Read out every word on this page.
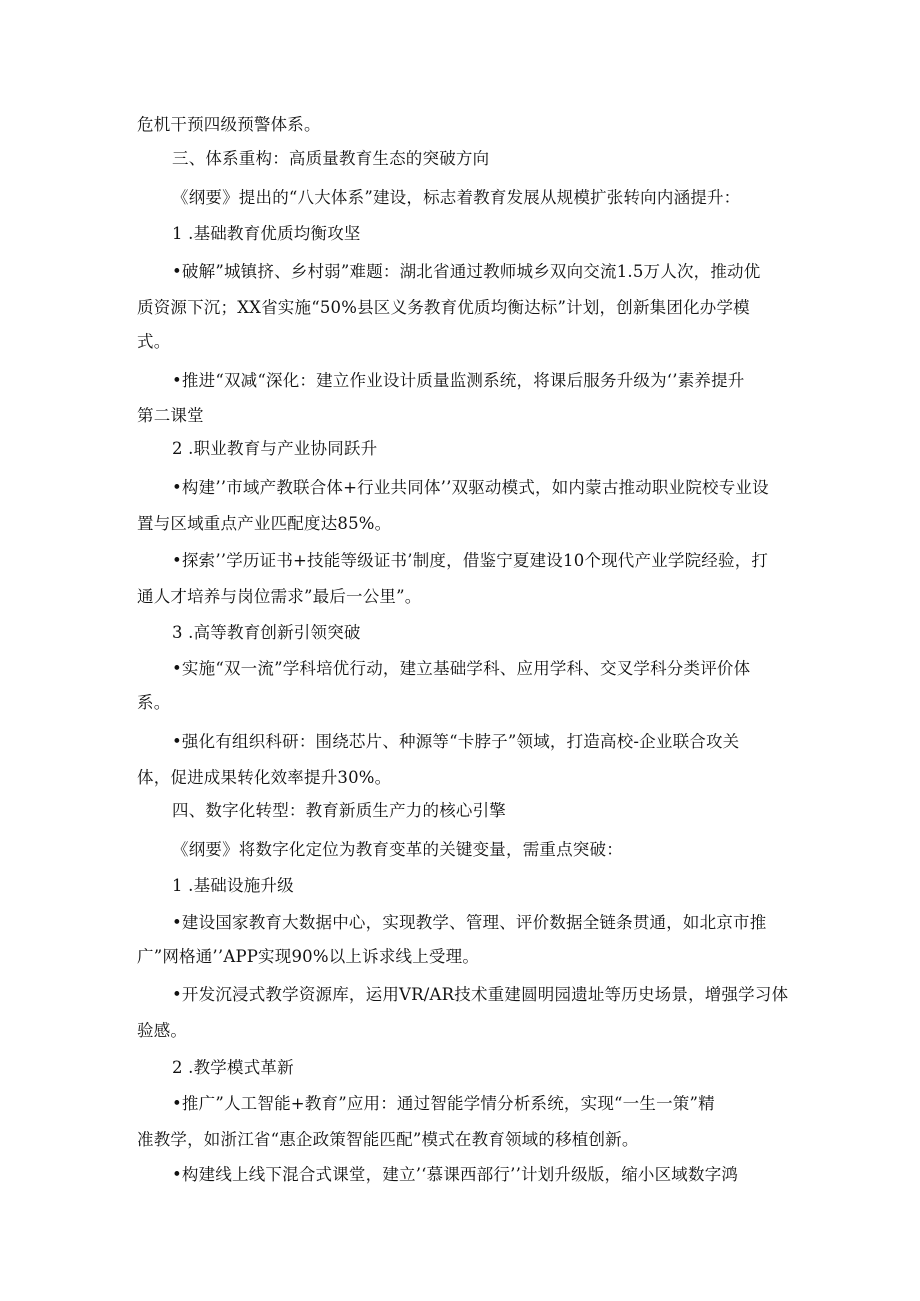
危机干预四级预警体系。
三、体系重构：高质量教育生态的突破方向
《纲要》提出的“八大体系”建设，标志着教育发展从规模扩张转向内涵提升：
1 .基础教育优质均衡攻坚
•破解”城镇挤、乡村弱”难题：湖北省通过教师城乡双向交流1.5万人次，推动优
质资源下沉；XX省实施“50%县区义务教育优质均衡达标”计划，创新集团化办学模
式。
•推进“双减“深化：建立作业设计质量监测系统，将课后服务升级为‘’素养提升
第二课堂
2 .职业教育与产业协同跃升
•构建’’市域产教联合体+行业共同体’’双驱动模式，如内蒙古推动职业院校专业设
置与区域重点产业匹配度达85%。
•探索’’学历证书+技能等级证书’制度，借鉴宁夏建设10个现代产业学院经验，打
通人才培养与岗位需求”最后一公里”。
3 .高等教育创新引领突破
•实施“双一流”学科培优行动，建立基础学科、应用学科、交叉学科分类评价体
系。
•强化有组织科研：围绕芯片、种源等“卡脖子”领域，打造高校-企业联合攻关
体，促进成果转化效率提升30%。
四、数字化转型：教育新质生产力的核心引擎
《纲要》将数字化定位为教育变革的关键变量，需重点突破：
1 .基础设施升级
•建设国家教育大数据中心，实现教学、管理、评价数据全链条贯通，如北京市推
广”网格通’’APP实现90%以上诉求线上受理。
•开发沉浸式教学资源库，运用VR/AR技术重建圆明园遗址等历史场景，增强学习体
验感。
2 .教学模式革新
•推广”人工智能+教育”应用：通过智能学情分析系统，实现“一生一策”精
准教学，如浙江省“惠企政策智能匹配”模式在教育领域的移植创新。
•构建线上线下混合式课堂，建立’‘慕课西部行’’计划升级版，缩小区域数字鸿
